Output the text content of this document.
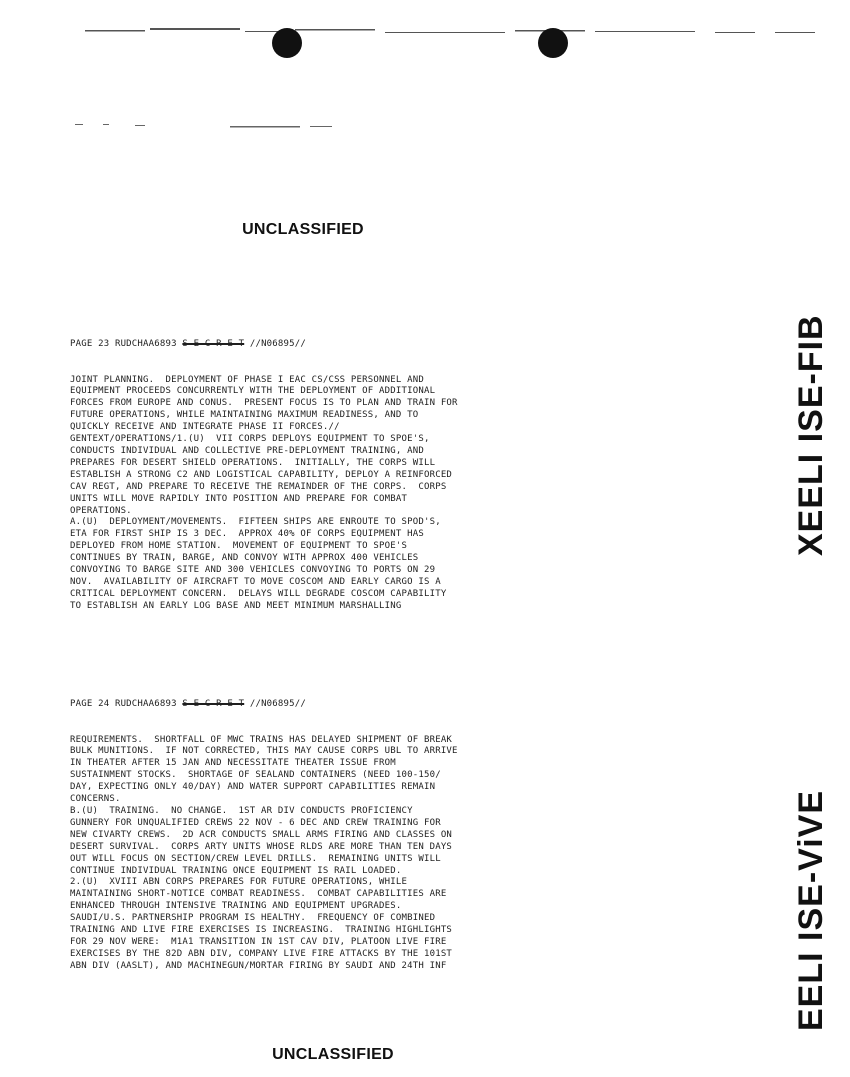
UNCLASSIFIED

PAGE 23 RUDCHAA6893 S E C R E T //N06895//

JOINT PLANNING.  DEPLOYMENT OF PHASE I EAC CS/CSS PERSONNEL AND
EQUIPMENT PROCEEDS CONCURRENTLY WITH THE DEPLOYMENT OF ADDITIONAL
FORCES FROM EUROPE AND CONUS.  PRESENT FOCUS IS TO PLAN AND TRAIN FOR
FUTURE OPERATIONS, WHILE MAINTAINING MAXIMUM READINESS, AND TO
QUICKLY RECEIVE AND INTEGRATE PHASE II FORCES.//
GENTEXT/OPERATIONS/1.(U)  VII CORPS DEPLOYS EQUIPMENT TO SPOE'S,
CONDUCTS INDIVIDUAL AND COLLECTIVE PRE-DEPLOYMENT TRAINING, AND
PREPARES FOR DESERT SHIELD OPERATIONS.  INITIALLY, THE CORPS WILL
ESTABLISH A STRONG C2 AND LOGISTICAL CAPABILITY, DEPLOY A REINFORCED
CAV REGT, AND PREPARE TO RECEIVE THE REMAINDER OF THE CORPS.  CORPS
UNITS WILL MOVE RAPIDLY INTO POSITION AND PREPARE FOR COMBAT
OPERATIONS.
A.(U)  DEPLOYMENT/MOVEMENTS.  FIFTEEN SHIPS ARE ENROUTE TO SPOD'S,
ETA FOR FIRST SHIP IS 3 DEC.  APPROX 40% OF CORPS EQUIPMENT HAS
DEPLOYED FROM HOME STATION.  MOVEMENT OF EQUIPMENT TO SPOE'S
CONTINUES BY TRAIN, BARGE, AND CONVOY WITH APPROX 400 VEHICLES
CONVOYING TO BARGE SITE AND 300 VEHICLES CONVOYING TO PORTS ON 29
NOV.  AVAILABILITY OF AIRCRAFT TO MOVE COSCOM AND EARLY CARGO IS A
CRITICAL DEPLOYMENT CONCERN.  DELAYS WILL DEGRADE COSCOM CAPABILITY
TO ESTABLISH AN EARLY LOG BASE AND MEET MINIMUM MARSHALLING

PAGE 24 RUDCHAA6893 S E C R E T //N06895//

REQUIREMENTS.  SHORTFALL OF MWC TRAINS HAS DELAYED SHIPMENT OF BREAK
BULK MUNITIONS.  IF NOT CORRECTED, THIS MAY CAUSE CORPS UBL TO ARRIVE
IN THEATER AFTER 15 JAN AND NECESSITATE THEATER ISSUE FROM
SUSTAINMENT STOCKS.  SHORTAGE OF SEALAND CONTAINERS (NEED 100-150/
DAY, EXPECTING ONLY 40/DAY) AND WATER SUPPORT CAPABILITIES REMAIN
CONCERNS.
B.(U)  TRAINING.  NO CHANGE.  1ST AR DIV CONDUCTS PROFICIENCY
GUNNERY FOR UNQUALIFIED CREWS 22 NOV - 6 DEC AND CREW TRAINING FOR
NEW CIVARTY CREWS.  2D ACR CONDUCTS SMALL ARMS FIRING AND CLASSES ON
DESERT SURVIVAL.  CORPS ARTY UNITS WHOSE RLDS ARE MORE THAN TEN DAYS
OUT WILL FOCUS ON SECTION/CREW LEVEL DRILLS.  REMAINING UNITS WILL
CONTINUE INDIVIDUAL TRAINING ONCE EQUIPMENT IS RAIL LOADED.
2.(U)  XVIII ABN CORPS PREPARES FOR FUTURE OPERATIONS, WHILE
MAINTAINING SHORT-NOTICE COMBAT READINESS.  COMBAT CAPABILITIES ARE
ENHANCED THROUGH INTENSIVE TRAINING AND EQUIPMENT UPGRADES.
SAUDI/U.S. PARTNERSHIP PROGRAM IS HEALTHY.  FREQUENCY OF COMBINED
TRAINING AND LIVE FIRE EXERCISES IS INCREASING.  TRAINING HIGHLIGHTS
FOR 29 NOV WERE:  M1A1 TRANSITION IN 1ST CAV DIV, PLATOON LIVE FIRE
EXERCISES BY THE 82D ABN DIV, COMPANY LIVE FIRE ATTACKS BY THE 101ST
ABN DIV (AASLT), AND MACHINEGUN/MORTAR FIRING BY SAUDI AND 24TH INF

UNCLASSIFIED
XEELI ISE-FIB
EELI ISE-ViVE
